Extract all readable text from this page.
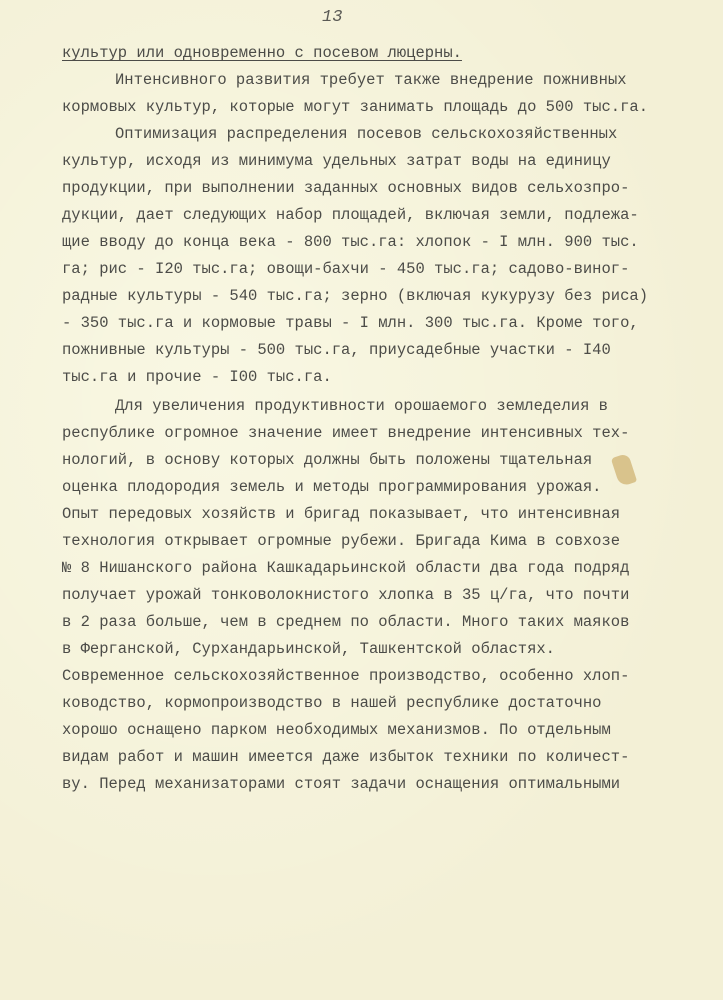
13
культур или одновременно с посевом люцерны.
Интенсивного развития требует также внедрение пожнивных
кормовых культур, которые могут занимать площадь до 500 тыс.га.
Оптимизация распределения посевов сельскохозяйственных
культур, исходя из минимума удельных затрат воды на единицу
продукции, при выполнении заданных основных видов сельхозпро-
дукции, дает следующих набор площадей, включая земли, подлежа-
щие вводу до конца века - 800 тыс.га: хлопок - I млн. 900 тыс.
га; рис - I20 тыс.га; овощи-бахчи - 450 тыс.га; садово-виног-
радные культуры - 540 тыс.га; зерно (включая кукурузу без риса)
- 350 тыс.га и кормовые травы - I млн. 300 тыс.га. Кроме того,
пожнивные культуры - 500 тыс.га, приусадебные участки - I40
тыс.га и прочие - I00 тыс.га.
Для увеличения продуктивности орошаемого земледелия в
республике огромное значение имеет внедрение интенсивных тех-
нологий, в основу которых должны быть положены тщательная
оценка плодородия земель и методы программирования урожая.
Опыт передовых хозяйств и бригад показывает, что интенсивная
технология открывает огромные рубежи. Бригада Кима в совхозе
№ 8 Нишанского района Кашкадарьинской области два года подряд
получает урожай тонковолокнистого хлопка в 35 ц/га, что почти
в 2 раза больше, чем в среднем по области. Много таких маяков
в Ферганской, Сурхандарьинской, Ташкентской областях.
Современное сельскохозяйственное производство, особенно хлоп-
ководство, кормопроизводство в нашей республике достаточно
хорошо оснащено парком необходимых механизмов. По отдельным
видам работ и машин имеется даже избыток техники по количест-
ву. Перед механизаторами стоят задачи оснащения оптимальными
